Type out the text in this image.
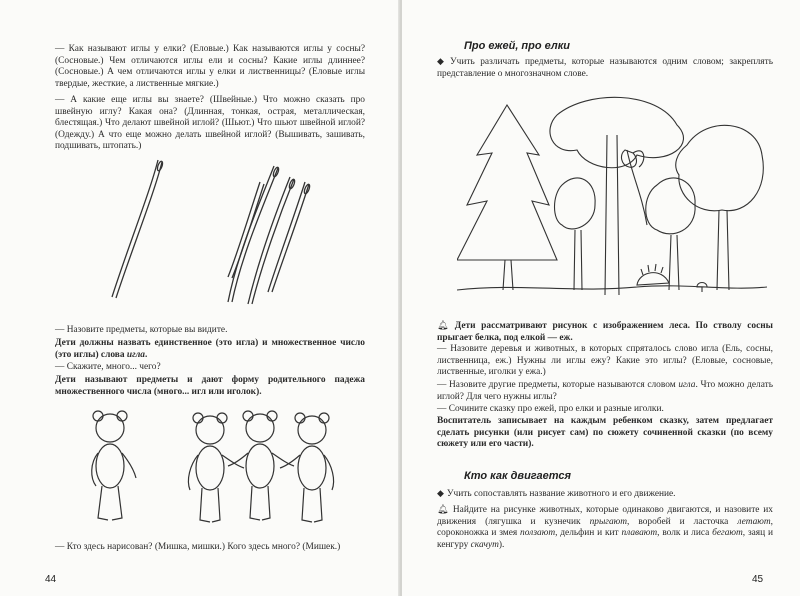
— Как называют иглы у елки? (Еловые.) Как называются иглы у сосны? (Сосновые.) Чем отличаются иглы ели и сосны? Какие иглы длиннее? (Сосновые.) А чем отличаются иглы у елки и лиственницы? (Еловые иглы твердые, жесткие, а лиственные мягкие.)

— А какие еще иглы вы знаете? (Швейные.) Что можно сказать про швейную иглу? Какая она? (Длинная, тонкая, острая, металлическая, блестящая.) Что делают швейной иглой? (Шьют.) Что шьют швейной иглой? (Одежду.) А что еще можно делать швейной иглой? (Вышивать, зашивать, подшивать, штопать.)

— Назовите предметы, которые вы видите.

Дети должны назвать единственное (это игла) и множественное число (это иглы) слова игла.

— Скажите, много... чего?

Дети называют предметы и дают форму родительного падежа множественного числа (много... игл или иголок).

— Кто здесь нарисован? (Мишка, мишки.) Кого здесь много? (Мишек.)

44
Про ежей, про елки

◆ Учить различать предметы, которые называются одним словом; закреплять представление о многозначном слове.

🔔︎ Дети рассматривают рисунок с изображением леса. По стволу сосны прыгает белка, под елкой — еж.

— Назовите деревья и животных, в которых спряталось слово игла (Ель, сосны, лиственница, еж.) Нужны ли иглы ежу? Какие это иглы? (Еловые, сосновые, лиственные, иголки у ежа.)

— Назовите другие предметы, которые называются словом игла. Что можно делать иглой? Для чего нужны иглы?

— Сочините сказку про ежей, про елки и разные иголки.

Воспитатель записывает на каждым ребенком сказку, затем предлагает сделать рисунки (или рисует сам) по сюжету сочиненной сказки (по всему сюжету или его части).

Кто как двигается

◆ Учить сопоставлять название животного и его движение.

🔔︎ Найдите на рисунке животных, которые одинаково двигаются, и назовите их движения (лягушка и кузнечик прыгают, воробей и ласточка летают, сороконожка и змея ползают, дельфин и кит плавают, волк и лиса бегают, заяц и кенгуру скачут).

45
